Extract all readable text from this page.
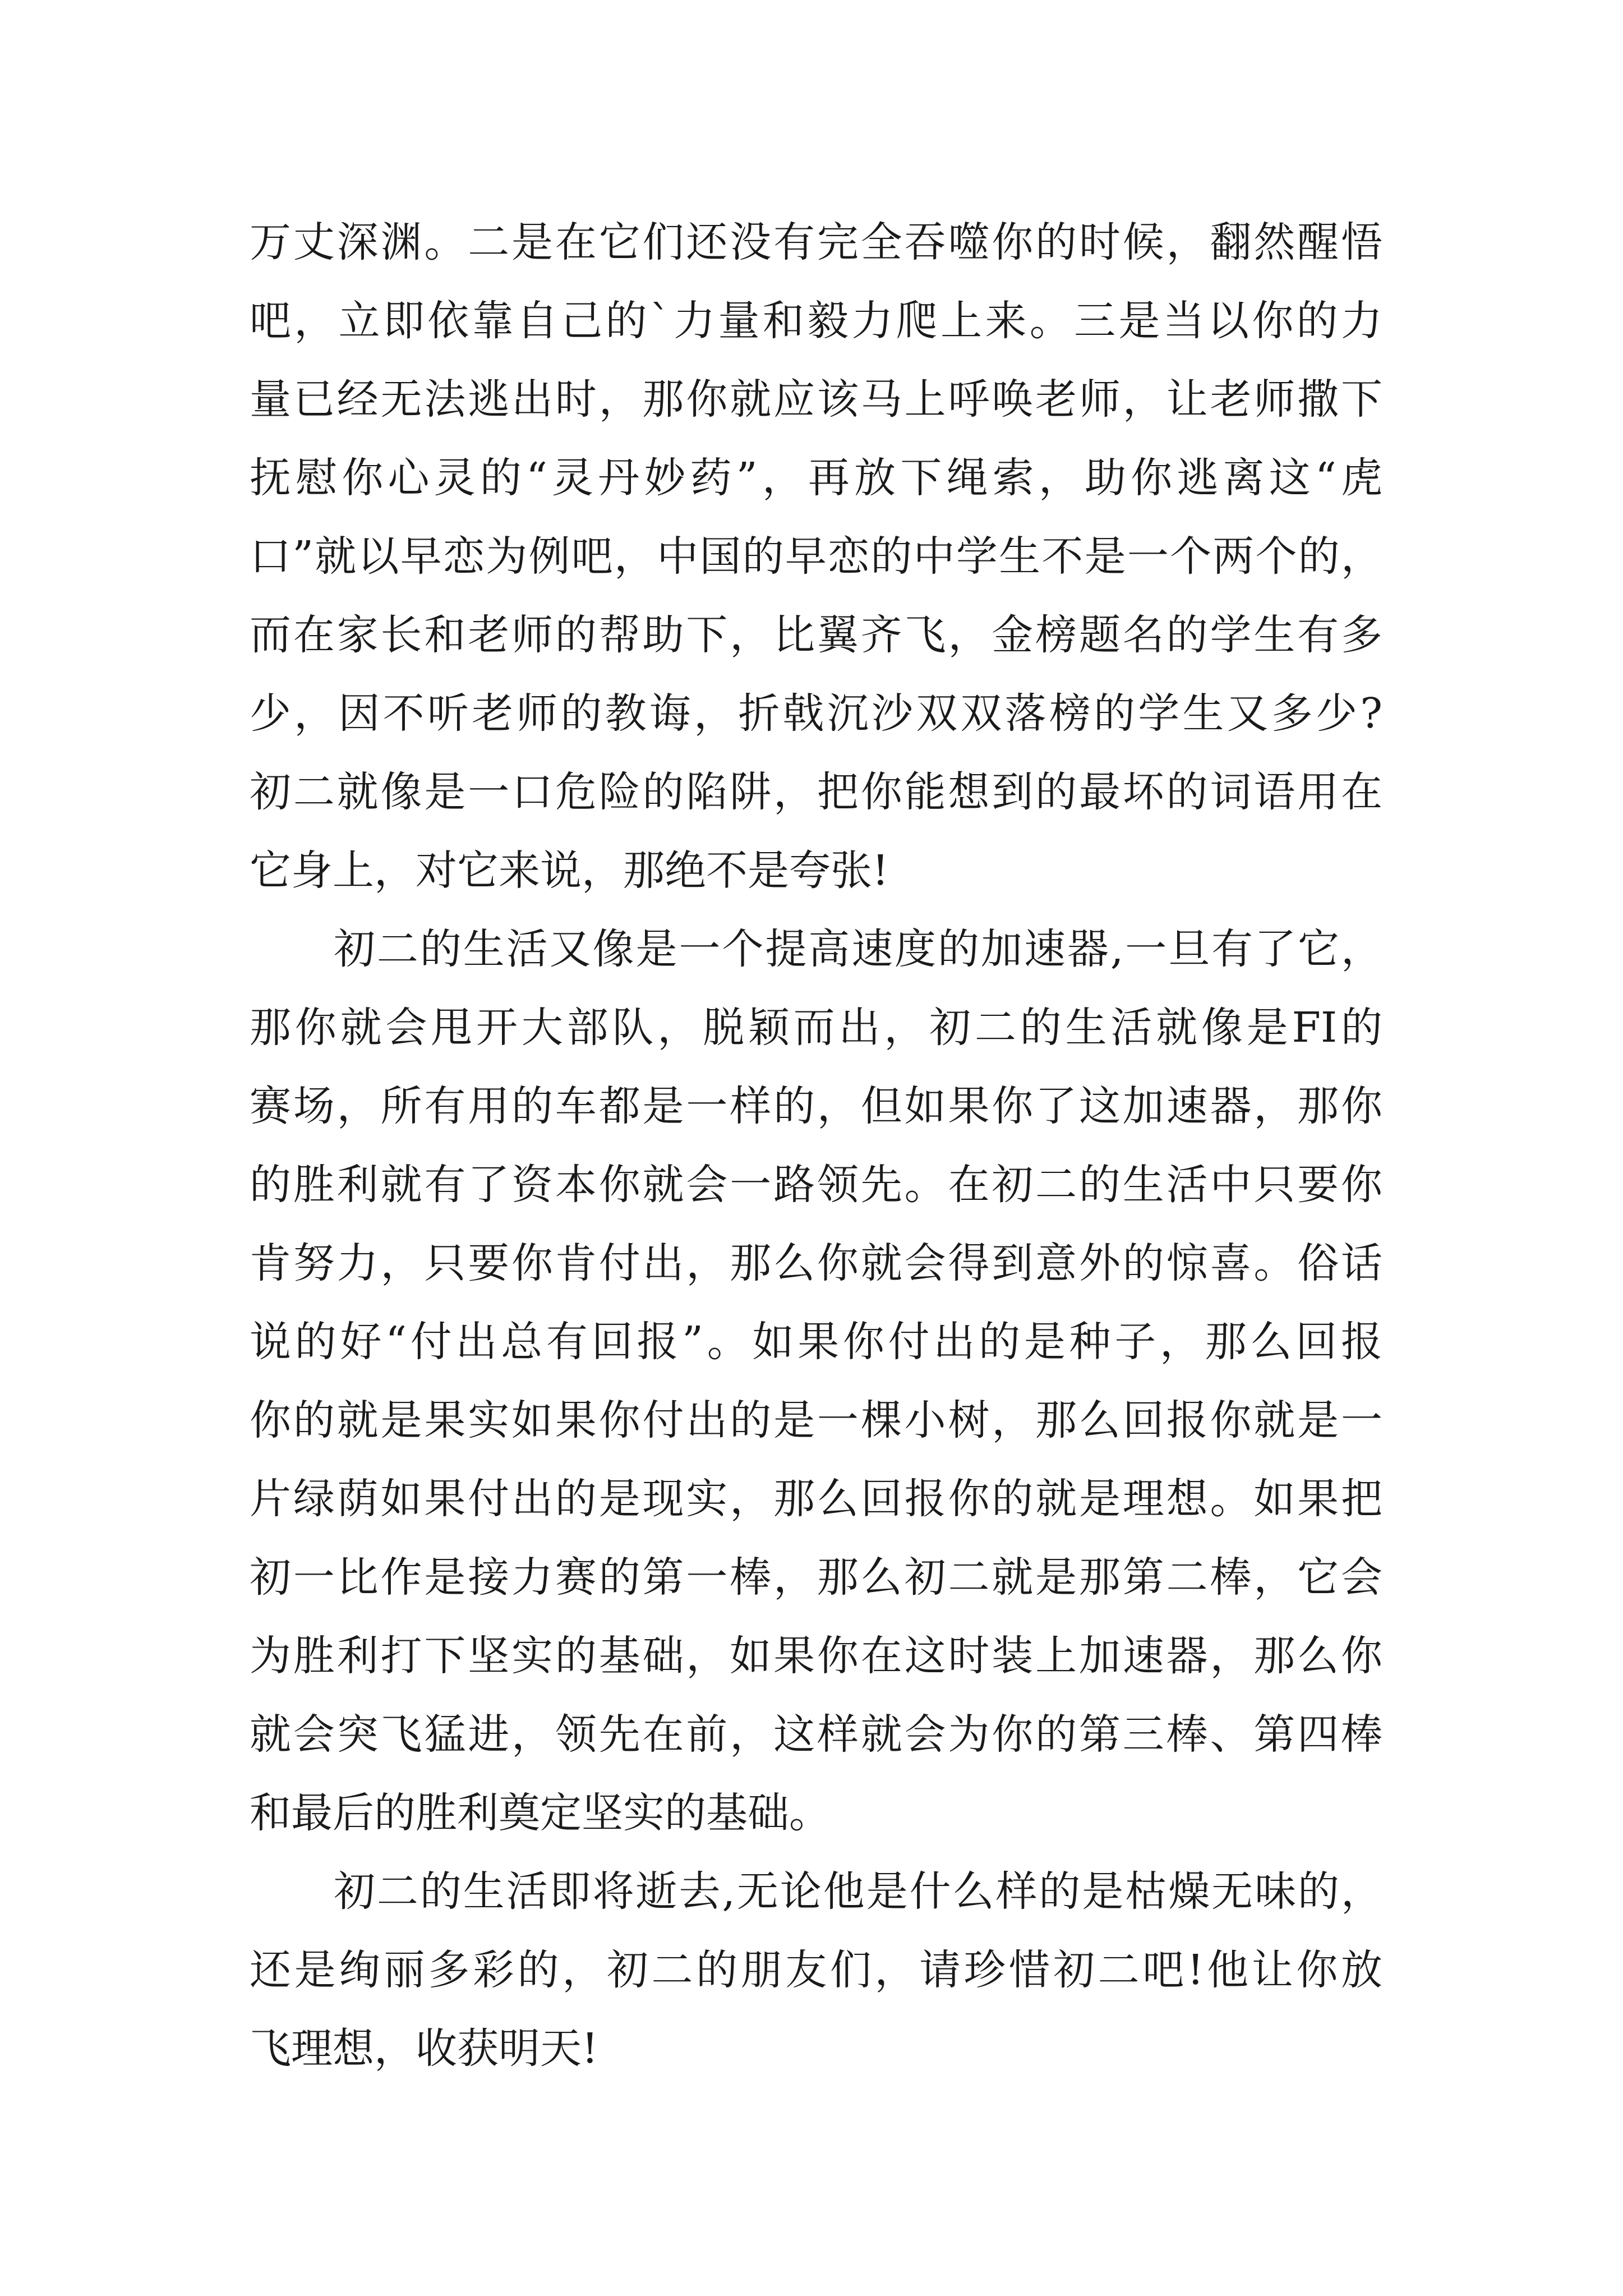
万丈深渊。二是在它们还没有完全吞噬你的时候，翻然醒悟
吧，立即依靠自己的`力量和毅力爬上来。三是当以你的力
量已经无法逃出时，那你就应该马上呼唤老师，让老师撒下
抚慰你心灵的“灵丹妙药”，再放下绳索，助你逃离这“虎
口”就以早恋为例吧，中国的早恋的中学生不是一个两个的，
而在家长和老师的帮助下，比翼齐飞，金榜题名的学生有多
少，因不听老师的教诲，折戟沉沙双双落榜的学生又多少?
初二就像是一口危险的陷阱，把你能想到的最坏的词语用在
它身上，对它来说，那绝不是夸张!
初二的生活又像是一个提高速度的加速器,一旦有了它，
那你就会甩开大部队，脱颖而出，初二的生活就像是FI的
赛场，所有用的车都是一样的，但如果你了这加速器，那你
的胜利就有了资本你就会一路领先。在初二的生活中只要你
肯努力，只要你肯付出，那么你就会得到意外的惊喜。俗话
说的好“付出总有回报”。如果你付出的是种子，那么回报
你的就是果实如果你付出的是一棵小树，那么回报你就是一
片绿荫如果付出的是现实，那么回报你的就是理想。如果把
初一比作是接力赛的第一棒，那么初二就是那第二棒，它会
为胜利打下坚实的基础，如果你在这时装上加速器，那么你
就会突飞猛进，领先在前，这样就会为你的第三棒、第四棒
和最后的胜利奠定坚实的基础。
初二的生活即将逝去,无论他是什么样的是枯燥无味的，
还是绚丽多彩的，初二的朋友们，请珍惜初二吧!他让你放
飞理想，收获明天!
